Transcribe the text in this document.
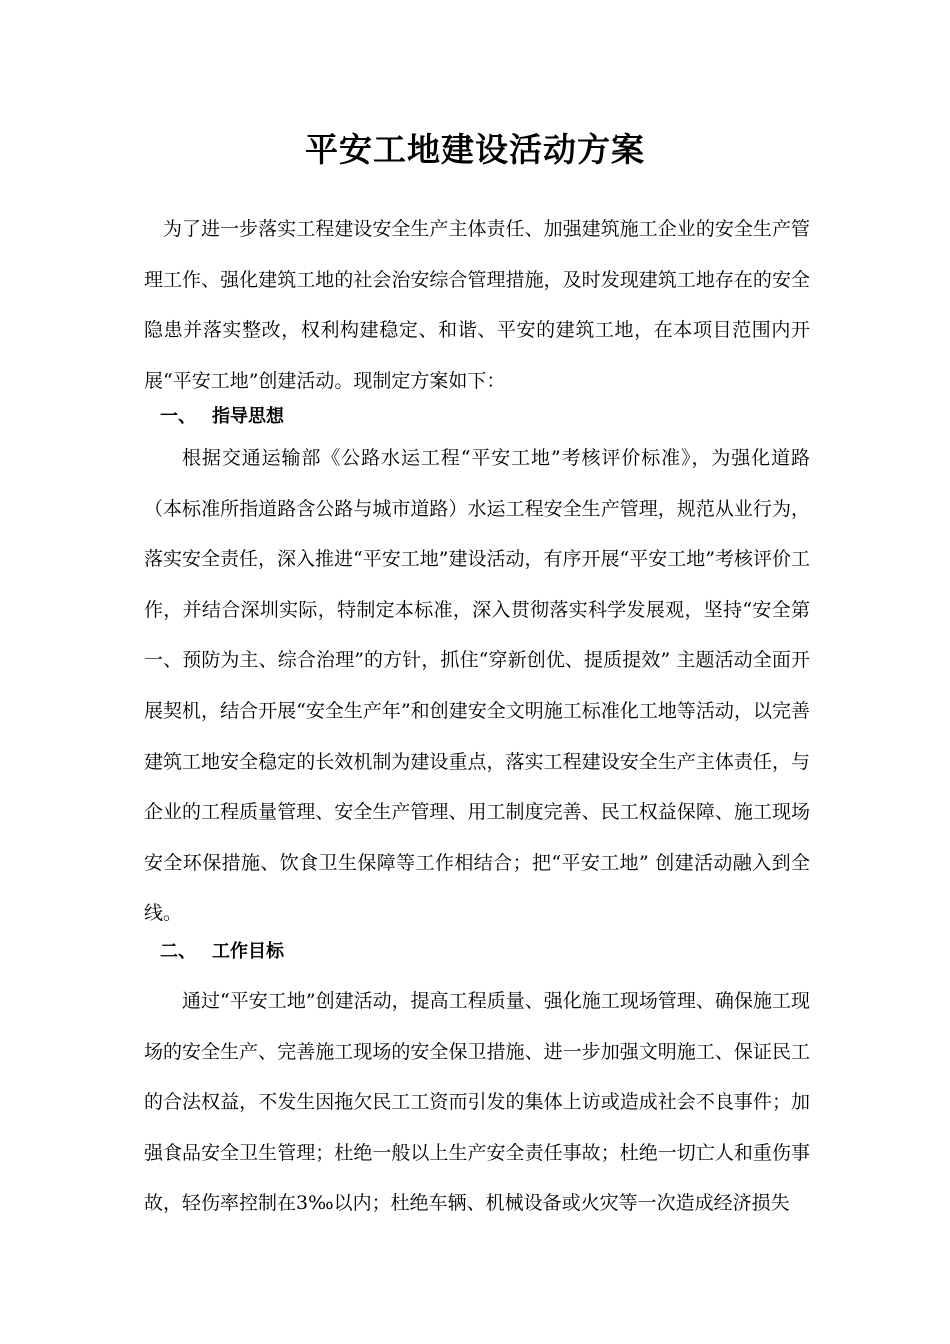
平安工地建设活动方案
为了进一步落实工程建设安全生产主体责任、加强建筑施工企业的安全生产管理工作、强化建筑工地的社会治安综合管理措施，及时发现建筑工地存在的安全隐患并落实整改，权利构建稳定、和谐、平安的建筑工地，在本项目范围内开展“平安工地”创建活动。现制定方案如下：
一、 指导思想
根据交通运输部《公路水运工程“平安工地”考核评价标准》，为强化道路（本标准所指道路含公路与城市道路）水运工程安全生产管理，规范从业行为，落实安全责任，深入推进“平安工地”建设活动，有序开展“平安工地”考核评价工作，并结合深圳实际，特制定本标准，深入贯彻落实科学发展观，坚持“安全第一、预防为主、综合治理”的方针，抓住“穿新创优、提质提效” 主题活动全面开展契机，结合开展“安全生产年”和创建安全文明施工标准化工地等活动，以完善建筑工地安全稳定的长效机制为建设重点，落实工程建设安全生产主体责任，与企业的工程质量管理、安全生产管理、用工制度完善、民工权益保障、施工现场安全环保措施、饮食卫生保障等工作相结合；把“平安工地” 创建活动融入到全线。
二、 工作目标
通过“平安工地”创建活动，提高工程质量、强化施工现场管理、确保施工现场的安全生产、完善施工现场的安全保卫措施、进一步加强文明施工、保证民工的合法权益，不发生因拖欠民工工资而引发的集体上访或造成社会不良事件；加强食品安全卫生管理；杜绝一般以上生产安全责任事故；杜绝一切亡人和重伤事故，轻伤率控制在3‰以内；杜绝车辆、机械设备或火灾等一次造成经济损失
